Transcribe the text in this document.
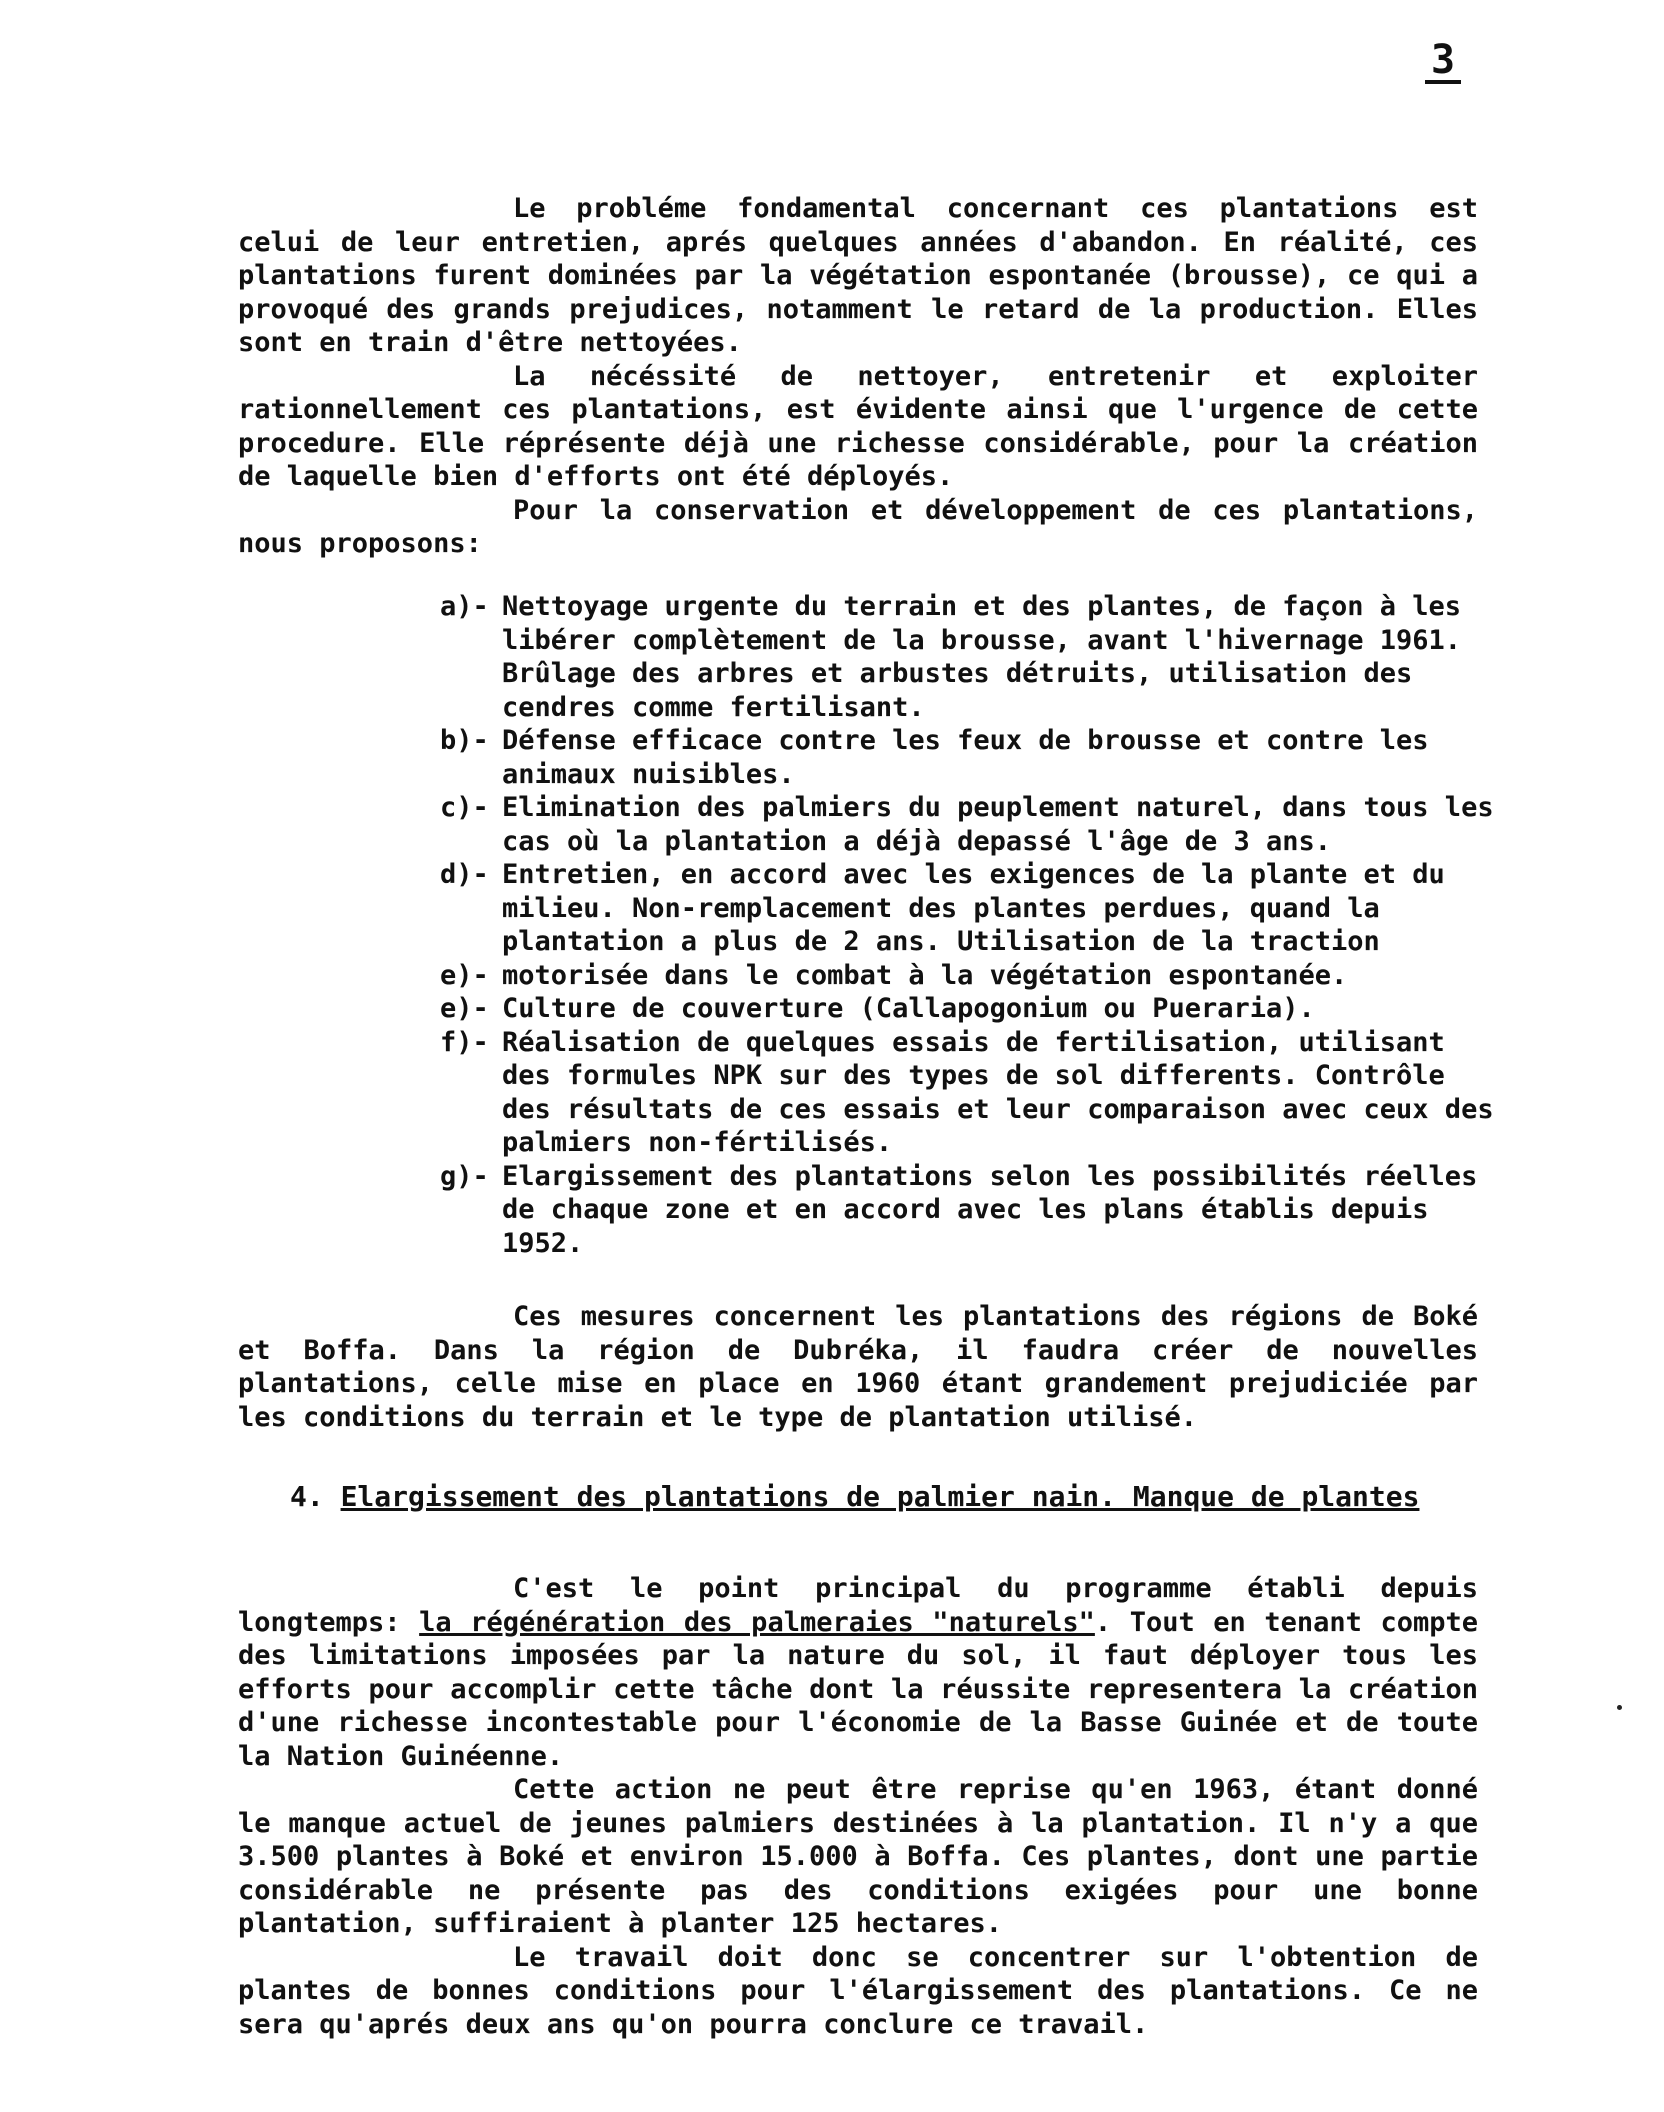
3

Le probléme fondamental concernant ces plantations est celui de leur entretien, aprés quelques années d'abandon. En réalité, ces plantations furent dominées par la végétation espontanée (brousse), ce qui a provoqué des grands prejudices, notamment le retard de la production. Elles sont en train d'être nettoyées.

La nécéssité de nettoyer, entretenir et exploiter rationnellement ces plantations, est évidente ainsi que l'urgence de cette procedure. Elle réprésente déjà une richesse considérable, pour la création de laquelle bien d'efforts ont été déployés.

Pour la conservation et développement de ces plantations, nous proposons:

a)- Nettoyage urgente du terrain et des plantes, de façon à les libérer complètement de la brousse, avant l'hivernage 1961. Brûlage des arbres et arbustes détruits, utilisation des cendres comme fertilisant.
b)- Défense efficace contre les feux de brousse et contre les animaux nuisibles.
c)- Elimination des palmiers du peuplement naturel, dans tous les cas où la plantation a déjà depassé l'âge de 3 ans.
d)- Entretien, en accord avec les exigences de la plante et du milieu. Non-remplacement des plantes perdues, quand la plantation a plus de 2 ans. Utilisation de la traction
e)- motorisée dans le combat à la végétation espontanée.
e)- Culture de couverture (Callapogonium ou Pueraria).
f)- Réalisation de quelques essais de fertilisation, utilisant des formules NPK sur des types de sol differents. Contrôle des résultats de ces essais et leur comparaison avec ceux des palmiers non-fértilisés.
g)- Elargissement des plantations selon les possibilités réelles de chaque zone et en accord avec les plans établis depuis 1952.

Ces mesures concernent les plantations des régions de Boké et Boffa. Dans la région de Dubréka, il faudra créer de nouvelles plantations, celle mise en place en 1960 étant grandement prejudiciée par les conditions du terrain et le type de plantation utilisé.

4. Elargissement des plantations de palmier nain. Manque de plantes

C'est le point principal du programme établi depuis longtemps: la régénération des palmeraies "naturels". Tout en tenant compte des limitations imposées par la nature du sol, il faut déployer tous les efforts pour accomplir cette tâche dont la réussite representera la création d'une richesse incontestable pour l'économie de la Basse Guinée et de toute la Nation Guinéenne.

Cette action ne peut être reprise qu'en 1963, étant donné le manque actuel de jeunes palmiers destinées à la plantation. Il n'y a que 3.500 plantes à Boké et environ 15.000 à Boffa. Ces plantes, dont une partie considérable ne présente pas des conditions exigées pour une bonne plantation, suffiraient à planter 125 hectares.

Le travail doit donc se concentrer sur l'obtention de plantes de bonnes conditions pour l'élargissement des plantations. Ce ne sera qu'aprés deux ans qu'on pourra conclure ce travail.
